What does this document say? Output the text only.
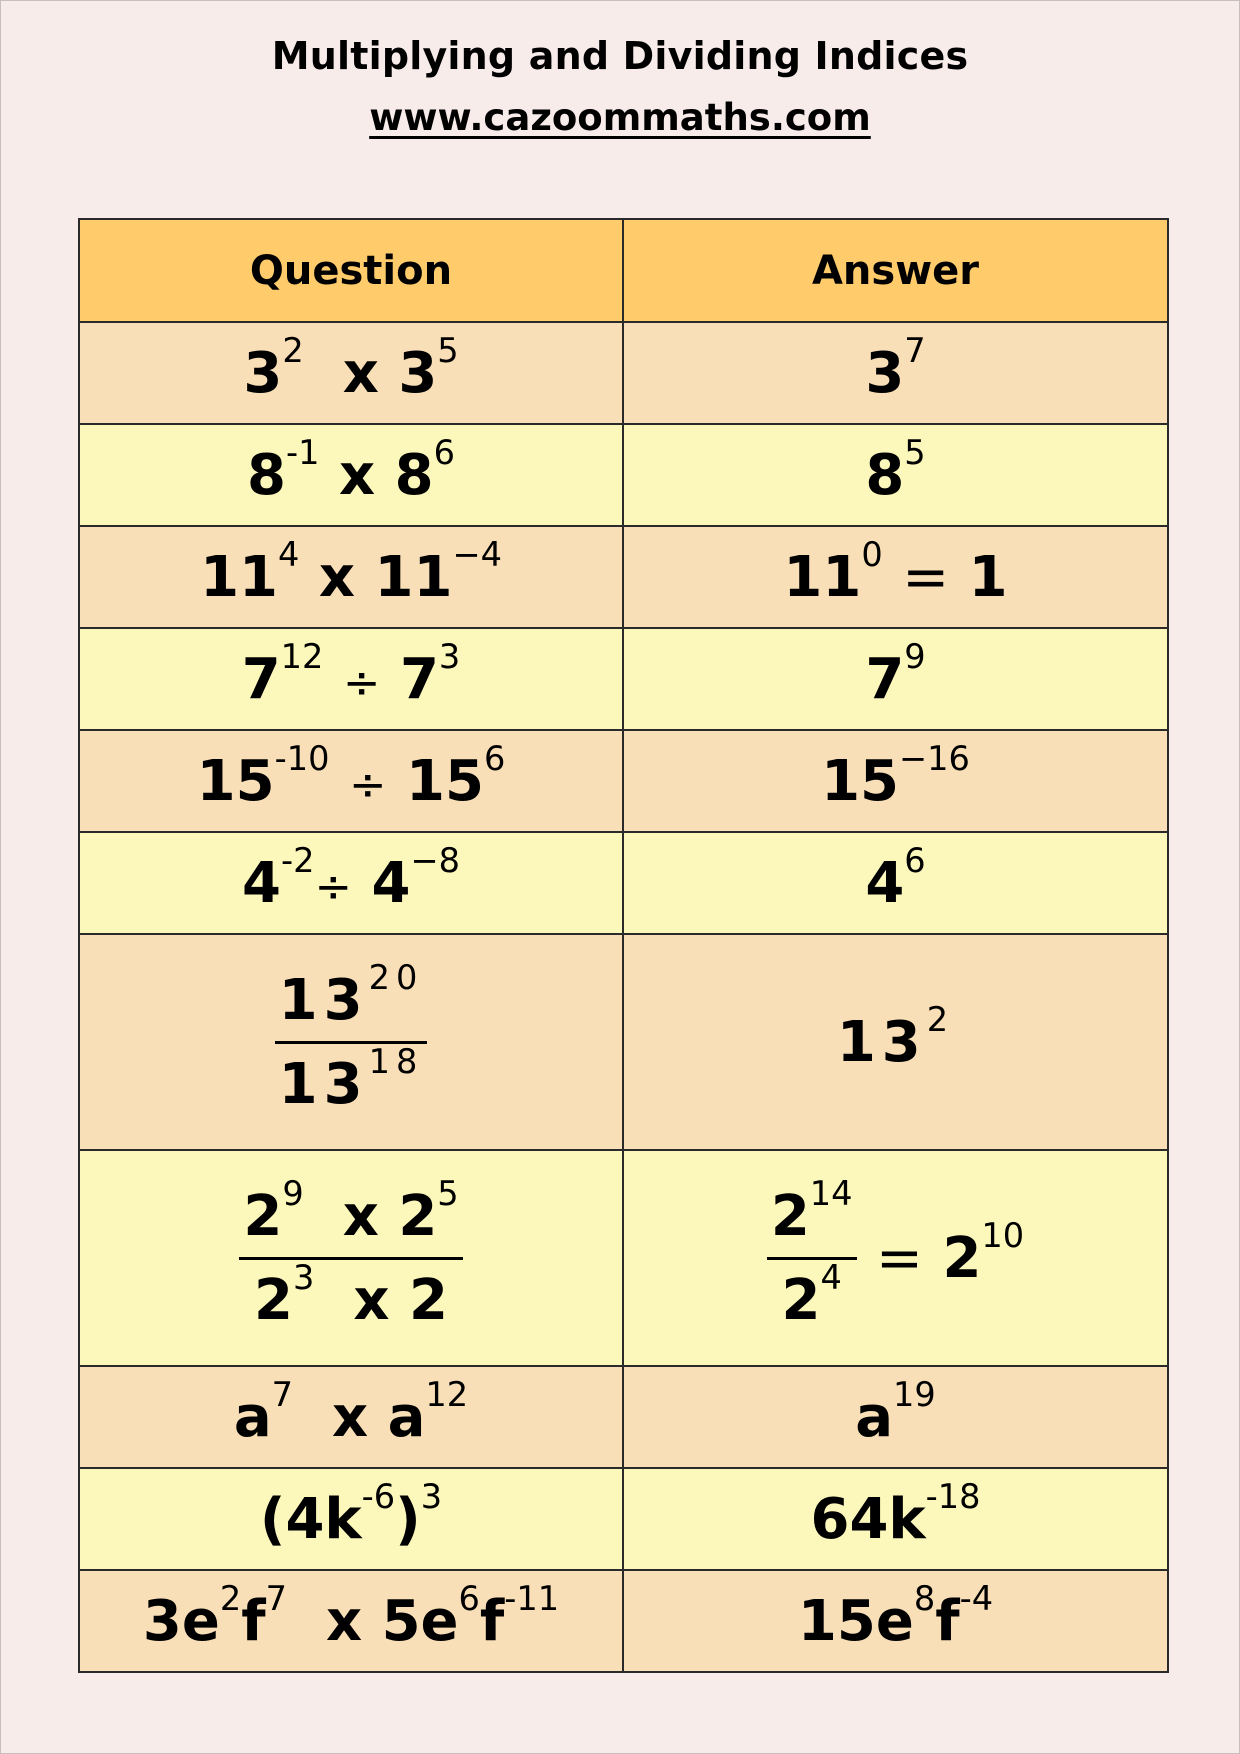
Multiplying and Dividing Indices
www.cazoommaths.com
Question	Answer
$3^2$ x $3^5$	$3^7$
$8^{-1}$ x $8^6$	$8^5$
$11^4$ x $11^{-4}$	$11^0 = 1$
$7^{12} \div 7^3$	$7^9$
$15^{-10} \div 15^6$	$15^{-16}$
$4^{-2}\div 4^{-8}$	$4^6$

$\frac{13^{20}}{13^{18}}$	$13^2$

$\frac{2^9 x 2^5}{2^3 x 2}$	$\frac{2^{14}}{2^4} = 2^{10}$
$a^7$ x $a^{12}$	$a^{19}$
$(4k^{-6})^3$	$64k^{-18}$
$3e^2f^7$ x $5e^6f^{-11}$	$15e^8f^{-4}$
